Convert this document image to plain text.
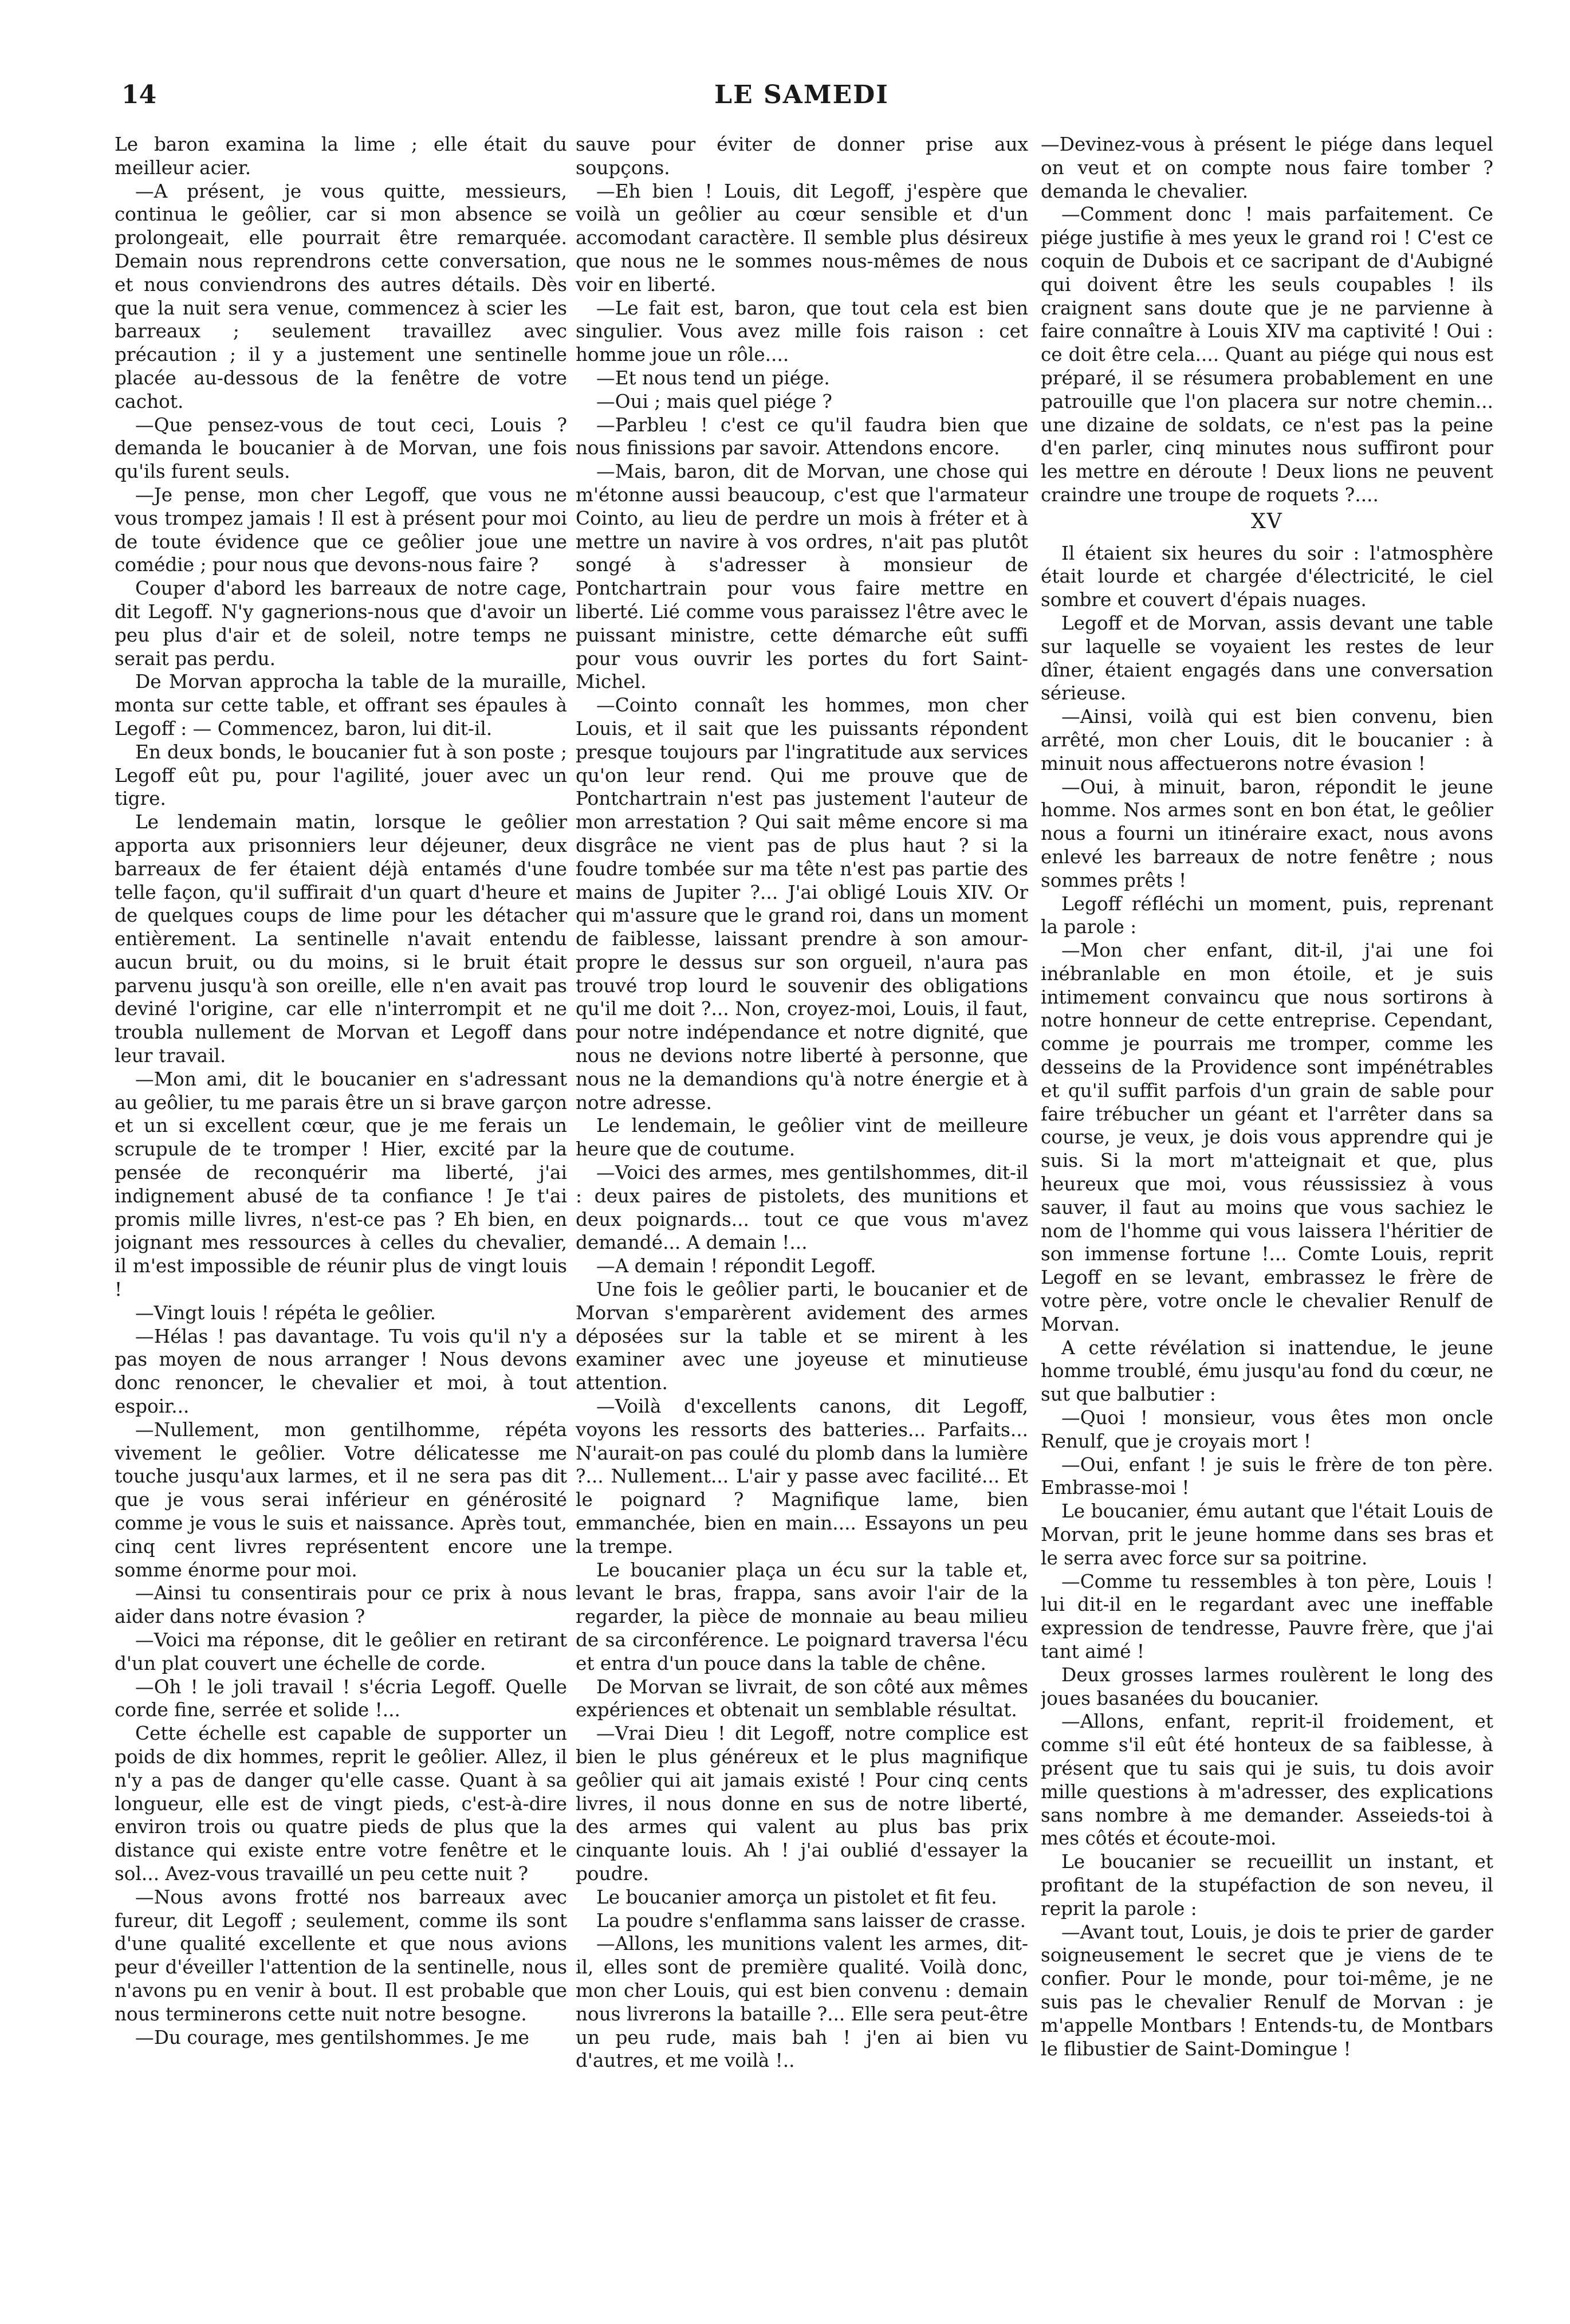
14	LE SAMEDI

Le baron examina la lime ; elle était du meilleur acier.

—A présent, je vous quitte, messieurs, continua le geôlier, car si mon absence se prolongeait, elle pourrait être remarquée. Demain nous reprendrons cette conversation, et nous conviendrons des autres détails. Dès que la nuit sera venue, commencez à scier les barreaux ; seulement travaillez avec précaution ; il y a justement une sentinelle placée au-dessous de la fenêtre de votre cachot.

—Que pensez-vous de tout ceci, Louis ? demanda le boucanier à de Morvan, une fois qu'ils furent seuls.

—Je pense, mon cher Legoff, que vous ne vous trompez jamais ! Il est à présent pour moi de toute évidence que ce geôlier joue une comédie ; pour nous que devons-nous faire ?

Couper d'abord les barreaux de notre cage, dit Legoff. N'y gagnerions-nous que d'avoir un peu plus d'air et de soleil, notre temps ne serait pas perdu.

De Morvan approcha la table de la muraille, monta sur cette table, et offrant ses épaules à Legoff : — Commencez, baron, lui dit-il.

En deux bonds, le boucanier fut à son poste ; Legoff eût pu, pour l'agilité, jouer avec un tigre.

Le lendemain matin, lorsque le geôlier apporta aux prisonniers leur déjeuner, deux barreaux de fer étaient déjà entamés d'une telle façon, qu'il suffirait d'un quart d'heure et de quelques coups de lime pour les détacher entièrement. La sentinelle n'avait entendu aucun bruit, ou du moins, si le bruit était parvenu jusqu'à son oreille, elle n'en avait pas deviné l'origine, car elle n'interrompit et ne troubla nullement de Morvan et Legoff dans leur travail.

—Mon ami, dit le boucanier en s'adressant au geôlier, tu me parais être un si brave garçon et un si excellent cœur, que je me ferais un scrupule de te tromper ! Hier, excité par la pensée de reconquérir ma liberté, j'ai indignement abusé de ta confiance ! Je t'ai promis mille livres, n'est-ce pas ? Eh bien, en joignant mes ressources à celles du chevalier, il m'est impossible de réunir plus de vingt louis !

—Vingt louis ! répéta le geôlier.

—Hélas ! pas davantage. Tu vois qu'il n'y a pas moyen de nous arranger ! Nous devons donc renoncer, le chevalier et moi, à tout espoir...

—Nullement, mon gentilhomme, répéta vivement le geôlier. Votre délicatesse me touche jusqu'aux larmes, et il ne sera pas dit que je vous serai inférieur en générosité comme je vous le suis et naissance. Après tout, cinq cent livres représentent encore une somme énorme pour moi.

—Ainsi tu consentirais pour ce prix à nous aider dans notre évasion ?

—Voici ma réponse, dit le geôlier en retirant d'un plat couvert une échelle de corde.

—Oh ! le joli travail ! s'écria Legoff. Quelle corde fine, serrée et solide !...

Cette échelle est capable de supporter un poids de dix hommes, reprit le geôlier. Allez, il n'y a pas de danger qu'elle casse. Quant à sa longueur, elle est de vingt pieds, c'est-à-dire environ trois ou quatre pieds de plus que la distance qui existe entre votre fenêtre et le sol... Avez-vous travaillé un peu cette nuit ?

—Nous avons frotté nos barreaux avec fureur, dit Legoff ; seulement, comme ils sont d'une qualité excellente et que nous avions peur d'éveiller l'attention de la sentinelle, nous n'avons pu en venir à bout. Il est probable que nous terminerons cette nuit notre besogne.

—Du courage, mes gentilshommes. Je me

sauve pour éviter de donner prise aux soupçons.

—Eh bien ! Louis, dit Legoff, j'espère que voilà un geôlier au cœur sensible et d'un accomodant caractère. Il semble plus désireux que nous ne le sommes nous-mêmes de nous voir en liberté.

—Le fait est, baron, que tout cela est bien singulier. Vous avez mille fois raison : cet homme joue un rôle....

—Et nous tend un piége.

—Oui ; mais quel piége ?

—Parbleu ! c'est ce qu'il faudra bien que nous finissions par savoir. Attendons encore.

—Mais, baron, dit de Morvan, une chose qui m'étonne aussi beaucoup, c'est que l'armateur Cointo, au lieu de perdre un mois à fréter et à mettre un navire à vos ordres, n'ait pas plutôt songé à s'adresser à monsieur de Pontchartrain pour vous faire mettre en liberté. Lié comme vous paraissez l'être avec le puissant ministre, cette démarche eût suffi pour vous ouvrir les portes du fort Saint-Michel.

—Cointo connaît les hommes, mon cher Louis, et il sait que les puissants répondent presque toujours par l'ingratitude aux services qu'on leur rend. Qui me prouve que de Pontchartrain n'est pas justement l'auteur de mon arrestation ? Qui sait même encore si ma disgrâce ne vient pas de plus haut ? si la foudre tombée sur ma tête n'est pas partie des mains de Jupiter ?... J'ai obligé Louis XIV. Or qui m'assure que le grand roi, dans un moment de faiblesse, laissant prendre à son amour-propre le dessus sur son orgueil, n'aura pas trouvé trop lourd le souvenir des obligations qu'il me doit ?... Non, croyez-moi, Louis, il faut, pour notre indépendance et notre dignité, que nous ne devions notre liberté à personne, que nous ne la demandions qu'à notre énergie et à notre adresse.

Le lendemain, le geôlier vint de meilleure heure que de coutume.

—Voici des armes, mes gentilshommes, dit-il : deux paires de pistolets, des munitions et deux poignards... tout ce que vous m'avez demandé... A demain !...

—A demain ! répondit Legoff.

Une fois le geôlier parti, le boucanier et de Morvan s'emparèrent avidement des armes déposées sur la table et se mirent à les examiner avec une joyeuse et minutieuse attention.

—Voilà d'excellents canons, dit Legoff, voyons les ressorts des batteries... Parfaits... N'aurait-on pas coulé du plomb dans la lumière ?... Nullement... L'air y passe avec facilité... Et le poignard ? Magnifique lame, bien emmanchée, bien en main.... Essayons un peu la trempe.

Le boucanier plaça un écu sur la table et, levant le bras, frappa, sans avoir l'air de la regarder, la pièce de monnaie au beau milieu de sa circonférence. Le poignard traversa l'écu et entra d'un pouce dans la table de chêne.

De Morvan se livrait, de son côté aux mêmes expériences et obtenait un semblable résultat.

—Vrai Dieu ! dit Legoff, notre complice est bien le plus généreux et le plus magnifique geôlier qui ait jamais existé ! Pour cinq cents livres, il nous donne en sus de notre liberté, des armes qui valent au plus bas prix cinquante louis. Ah ! j'ai oublié d'essayer la poudre.

Le boucanier amorça un pistolet et fit feu.

La poudre s'enflamma sans laisser de crasse.

—Allons, les munitions valent les armes, dit-il, elles sont de première qualité. Voilà donc, mon cher Louis, qui est bien convenu : demain nous livrerons la bataille ?... Elle sera peut-être un peu rude, mais bah ! j'en ai bien vu d'autres, et me voilà !..

—Devinez-vous à présent le piége dans lequel on veut et on compte nous faire tomber ? demanda le chevalier.

—Comment donc ! mais parfaitement. Ce piége justifie à mes yeux le grand roi ! C'est ce coquin de Dubois et ce sacripant de d'Aubigné qui doivent être les seuls coupables ! ils craignent sans doute que je ne parvienne à faire connaître à Louis XIV ma captivité ! Oui : ce doit être cela.... Quant au piége qui nous est préparé, il se résumera probablement en une patrouille que l'on placera sur notre chemin... une dizaine de soldats, ce n'est pas la peine d'en parler, cinq minutes nous suffiront pour les mettre en déroute ! Deux lions ne peuvent craindre une troupe de roquets ?....

XV

Il étaient six heures du soir : l'atmosphère était lourde et chargée d'électricité, le ciel sombre et couvert d'épais nuages.

Legoff et de Morvan, assis devant une table sur laquelle se voyaient les restes de leur dîner, étaient engagés dans une conversation sérieuse.

—Ainsi, voilà qui est bien convenu, bien arrêté, mon cher Louis, dit le boucanier : à minuit nous affectuerons notre évasion !

—Oui, à minuit, baron, répondit le jeune homme. Nos armes sont en bon état, le geôlier nous a fourni un itinéraire exact, nous avons enlevé les barreaux de notre fenêtre ; nous sommes prêts !

Legoff réfléchi un moment, puis, reprenant la parole :

—Mon cher enfant, dit-il, j'ai une foi inébranlable en mon étoile, et je suis intimement convaincu que nous sortirons à notre honneur de cette entreprise. Cependant, comme je pourrais me tromper, comme les desseins de la Providence sont impénétrables et qu'il suffit parfois d'un grain de sable pour faire trébucher un géant et l'arrêter dans sa course, je veux, je dois vous apprendre qui je suis. Si la mort m'atteignait et que, plus heureux que moi, vous réussissiez à vous sauver, il faut au moins que vous sachiez le nom de l'homme qui vous laissera l'héritier de son immense fortune !... Comte Louis, reprit Legoff en se levant, embrassez le frère de votre père, votre oncle le chevalier Renulf de Morvan.

A cette révélation si inattendue, le jeune homme troublé, ému jusqu'au fond du cœur, ne sut que balbutier :

—Quoi ! monsieur, vous êtes mon oncle Renulf, que je croyais mort !

—Oui, enfant ! je suis le frère de ton père. Embrasse-moi !

Le boucanier, ému autant que l'était Louis de Morvan, prit le jeune homme dans ses bras et le serra avec force sur sa poitrine.

—Comme tu ressembles à ton père, Louis ! lui dit-il en le regardant avec une ineffable expression de tendresse, Pauvre frère, que j'ai tant aimé !

Deux grosses larmes roulèrent le long des joues basanées du boucanier.

—Allons, enfant, reprit-il froidement, et comme s'il eût été honteux de sa faiblesse, à présent que tu sais qui je suis, tu dois avoir mille questions à m'adresser, des explications sans nombre à me demander. Asseieds-toi à mes côtés et écoute-moi.

Le boucanier se recueillit un instant, et profitant de la stupéfaction de son neveu, il reprit la parole :

—Avant tout, Louis, je dois te prier de garder soigneusement le secret que je viens de te confier. Pour le monde, pour toi-même, je ne suis pas le chevalier Renulf de Morvan : je m'appelle Montbars ! Entends-tu, de Montbars le flibustier de Saint-Domingue !
